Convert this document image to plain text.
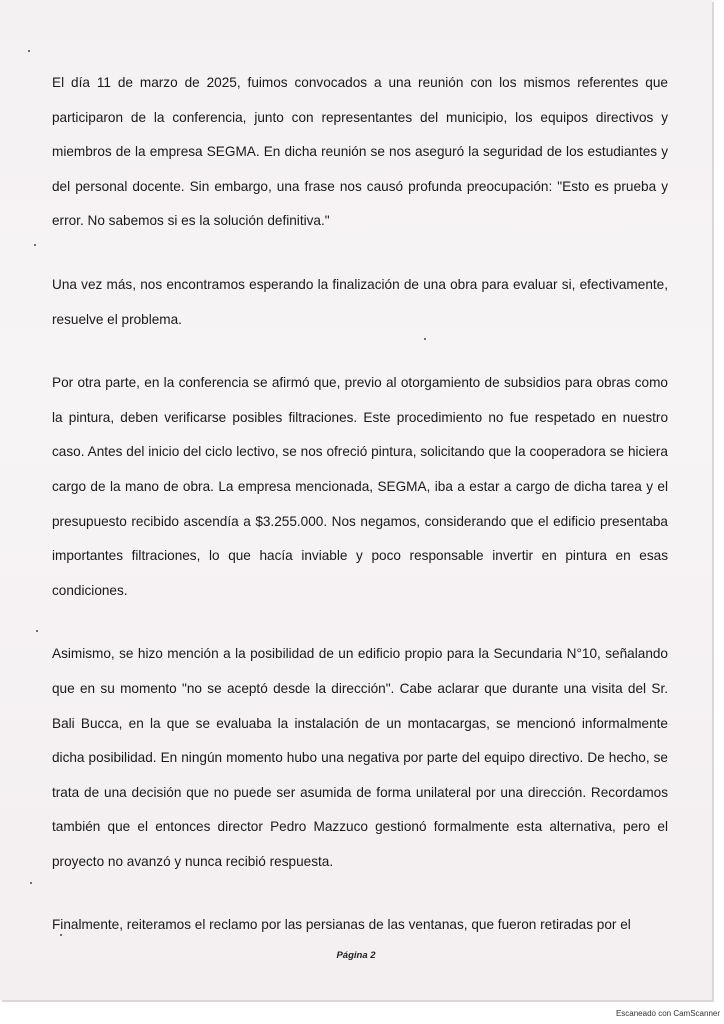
El día 11 de marzo de 2025, fuimos convocados a una reunión con los mismos referentes que participaron de la conferencia, junto con representantes del municipio, los equipos directivos y miembros de la empresa SEGMA. En dicha reunión se nos aseguró la seguridad de los estudiantes y del personal docente. Sin embargo, una frase nos causó profunda preocupación: "Esto es prueba y error. No sabemos si es la solución definitiva."

Una vez más, nos encontramos esperando la finalización de una obra para evaluar si, efectivamente, resuelve el problema.

Por otra parte, en la conferencia se afirmó que, previo al otorgamiento de subsidios para obras como la pintura, deben verificarse posibles filtraciones. Este procedimiento no fue respetado en nuestro caso. Antes del inicio del ciclo lectivo, se nos ofreció pintura, solicitando que la cooperadora se hiciera cargo de la mano de obra. La empresa mencionada, SEGMA, iba a estar a cargo de dicha tarea y el presupuesto recibido ascendía a $3.255.000. Nos negamos, considerando que el edificio presentaba importantes filtraciones, lo que hacía inviable y poco responsable invertir en pintura en esas condiciones.

Asimismo, se hizo mención a la posibilidad de un edificio propio para la Secundaria N°10, señalando que en su momento "no se aceptó desde la dirección". Cabe aclarar que durante una visita del Sr. Bali Bucca, en la que se evaluaba la instalación de un montacargas, se mencionó informalmente dicha posibilidad. En ningún momento hubo una negativa por parte del equipo directivo. De hecho, se trata de una decisión que no puede ser asumida de forma unilateral por una dirección. Recordamos también que el entonces director Pedro Mazzuco gestionó formalmente esta alternativa, pero el proyecto no avanzó y nunca recibió respuesta.

Finalmente, reiteramos el reclamo por las persianas de las ventanas, que fueron retiradas por el

Página 2
Escaneado con CamScanner
